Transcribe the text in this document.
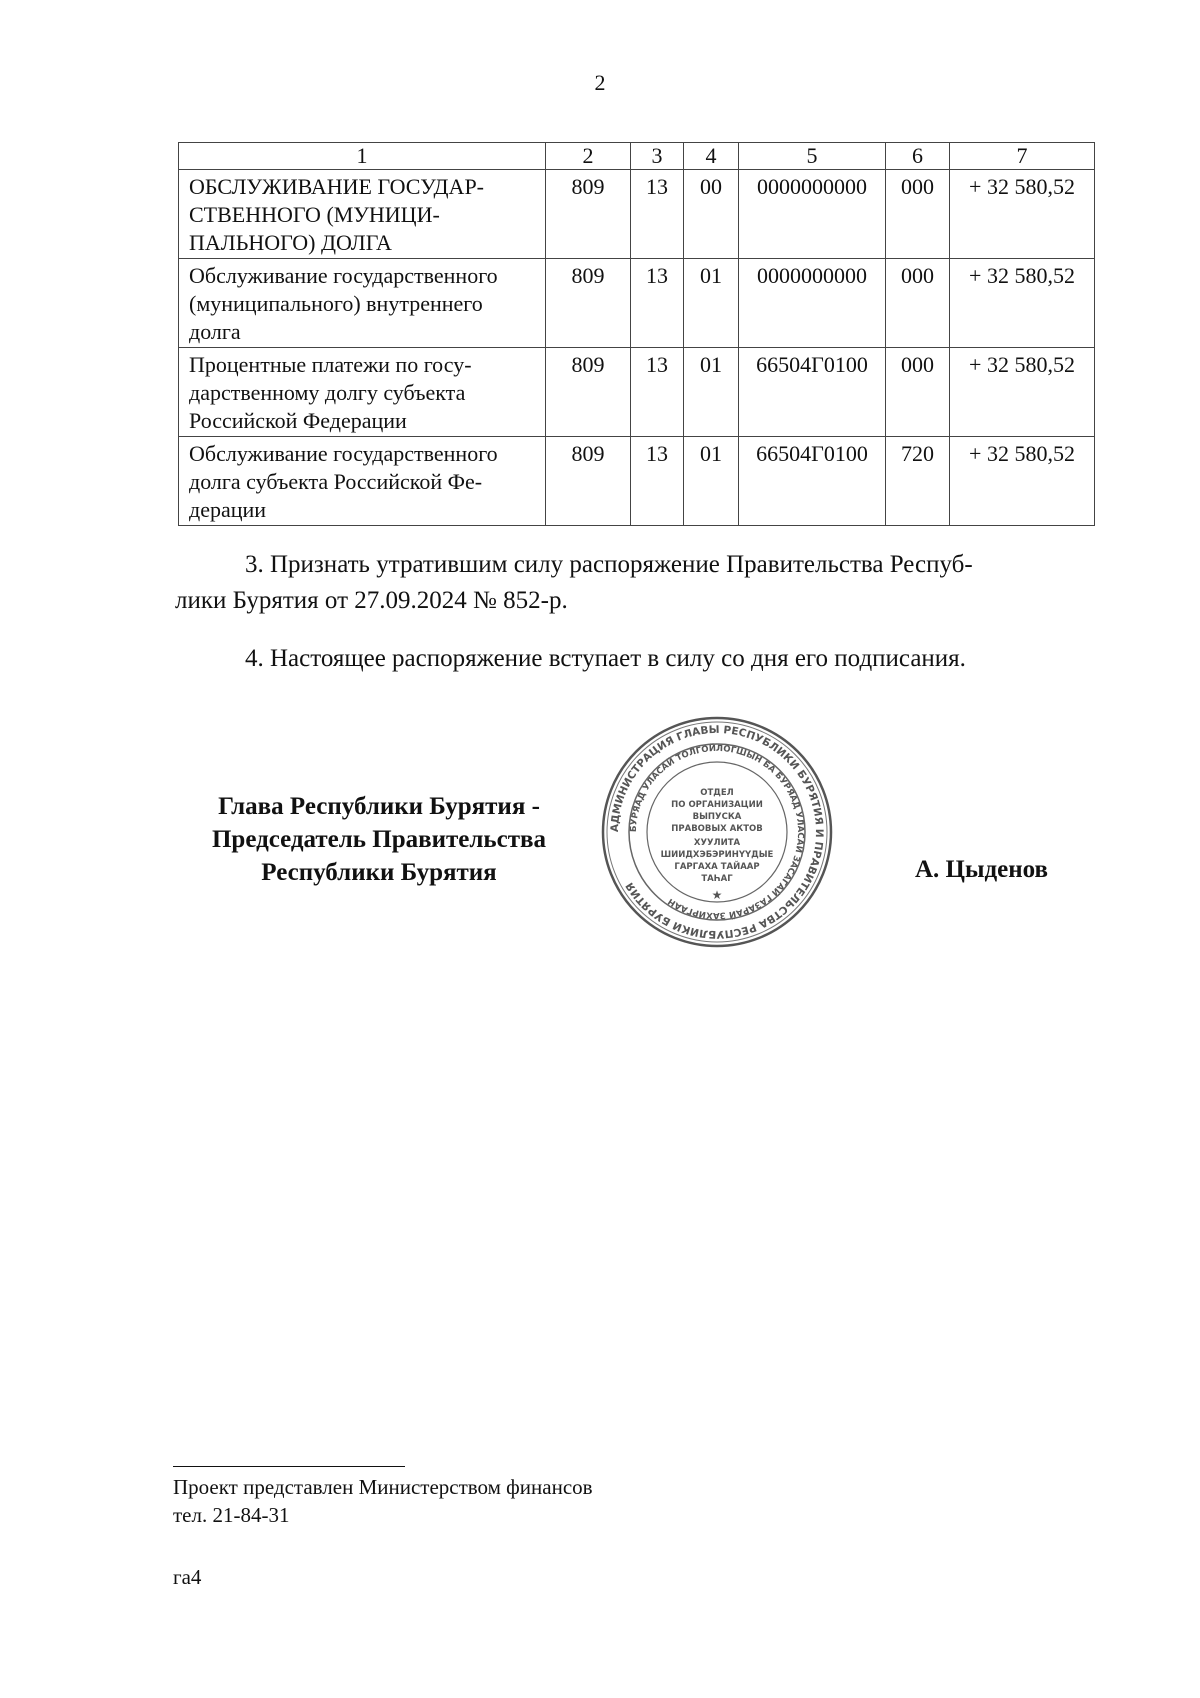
2
1	2	3	4	5	6	7

ОБСЛУЖИВАНИЕ ГОСУДАР-
СТВЕННОГО (МУНИЦИ-
ПАЛЬНОГО) ДОЛГА	809	13	00	0000000000	000	+ 32 580,52

Обслуживание государственного
(муниципального) внутреннего
долга	809	13	01	0000000000	000	+ 32 580,52

Процентные платежи по госу-
дарственному долгу субъекта
Российской Федерации	809	13	01	66504Г0100	000	+ 32 580,52

Обслуживание государственного
долга субъекта Российской Фе-
дерации	809	13	01	66504Г0100	720	+ 32 580,52
3. Признать утратившим силу распоряжение Правительства Респуб-
лики Бурятия от 27.09.2024 № 852-р.
4. Настоящее распоряжение вступает в силу со дня его подписания.
Глава Республики Бурятия -
Председатель Правительства
Республики Бурятия
АДМИНИСТРАЦИЯ ГЛАВЫ РЕСПУБЛИКИ БУРЯТИЯ И ПРАВИТЕЛЬСТВА РЕСПУБЛИКИ БУРЯТИЯ
БУРЯАД УЛАСАЙ ТОЛГОЙЛОГШЫН БА БУРЯАД УЛАСАЙ ЗАСАГАЙ ГАЗАРАЙ ЗАХИРГААН
ОТДЕЛ
ПО ОРГАНИЗАЦИИ
ВЫПУСКА
ПРАВОВЫХ АКТОВ
ХУУЛИТА
ШИИДХЭБЭРИНҮҮДЫЕ
ГАРГАХА ТАЙААР
ТАҺАГ
★
А. Цыденов
Проект представлен Министерством финансов
тел. 21-84-31
га4
